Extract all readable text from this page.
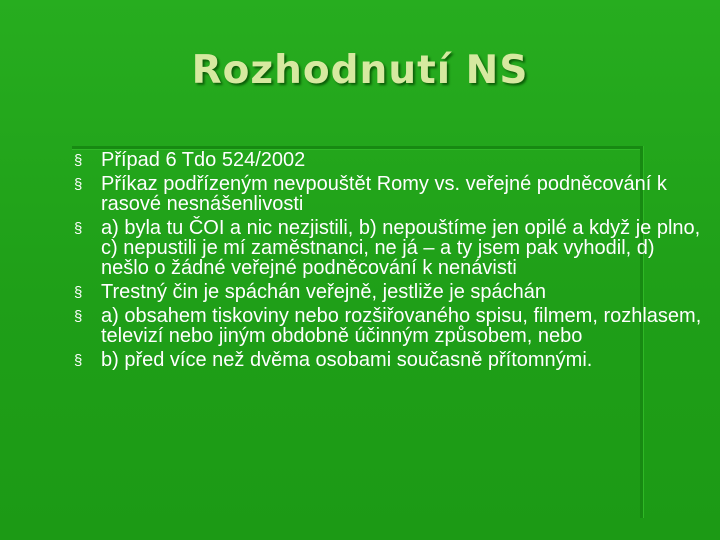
Rozhodnutí NS
§ Případ 6 Tdo 524/2002
§ Příkaz podřízeným nevpouštět Romy vs. veřejné podněcování k rasové nesnášenlivosti
§ a) byla tu ČOI a nic nezjistili, b) nepouštíme jen opilé a když je plno, c) nepustili je mí zaměstnanci, ne já – a ty jsem pak vyhodil, d) nešlo o žádné veřejné podněcování k nenávisti
§ Trestný čin je spáchán veřejně, jestliže je spáchán
§ a) obsahem tiskoviny nebo rozšiřovaného spisu, filmem, rozhlasem, televizí nebo jiným obdobně účinným způsobem, nebo
§ b) před více než dvěma osobami současně přítomnými.
